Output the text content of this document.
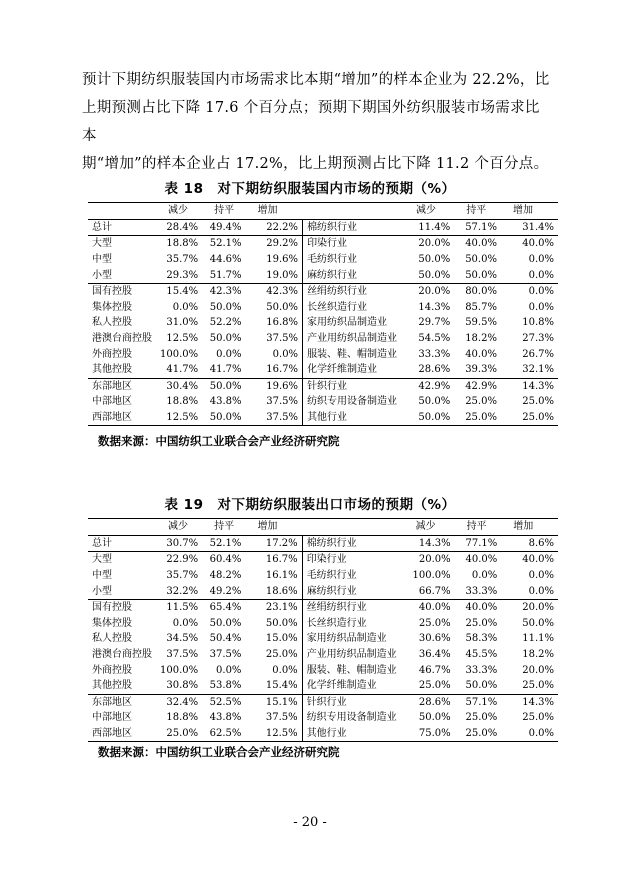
预计下期纺织服装国内市场需求比本期“增加”的样本企业为 22.2%，比

上期预测占比下降 17.6 个百分点；预期下期国外纺织服装市场需求比本

期“增加”的样本企业占 17.2%，比上期预测占比下降 11.2 个百分点。

表 18　对下期纺织服装国内市场的预期（%）
	减少	持平	增加		减少	持平	增加
总计	28.4%	49.4%	22.2%	棉纺织行业	11.4%	57.1%	31.4%
大型	18.8%	52.1%	29.2%	印染行业	20.0%	40.0%	40.0%
中型	35.7%	44.6%	19.6%	毛纺织行业	50.0%	50.0%	0.0%
小型	29.3%	51.7%	19.0%	麻纺织行业	50.0%	50.0%	0.0%
国有控股	15.4%	42.3%	42.3%	丝绢纺织行业	20.0%	80.0%	0.0%
集体控股	0.0%	50.0%	50.0%	长丝织造行业	14.3%	85.7%	0.0%
私人控股	31.0%	52.2%	16.8%	家用纺织品制造业	29.7%	59.5%	10.8%
港澳台商控股	12.5%	50.0%	37.5%	产业用纺织品制造业	54.5%	18.2%	27.3%
外商控股	100.0%	0.0%	0.0%	服装、鞋、帽制造业	33.3%	40.0%	26.7%
其他控股	41.7%	41.7%	16.7%	化学纤维制造业	28.6%	39.3%	32.1%
东部地区	30.4%	50.0%	19.6%	针织行业	42.9%	42.9%	14.3%
中部地区	18.8%	43.8%	37.5%	纺织专用设备制造业	50.0%	25.0%	25.0%
西部地区	12.5%	50.0%	37.5%	其他行业	50.0%	25.0%	25.0%
数据来源：中国纺织工业联合会产业经济研究院
表 19　对下期纺织服装出口市场的预期（%）
	减少	持平	增加		减少	持平	增加
总计	30.7%	52.1%	17.2%	棉纺织行业	14.3%	77.1%	8.6%
大型	22.9%	60.4%	16.7%	印染行业	20.0%	40.0%	40.0%
中型	35.7%	48.2%	16.1%	毛纺织行业	100.0%	0.0%	0.0%
小型	32.2%	49.2%	18.6%	麻纺织行业	66.7%	33.3%	0.0%
国有控股	11.5%	65.4%	23.1%	丝绢纺织行业	40.0%	40.0%	20.0%
集体控股	0.0%	50.0%	50.0%	长丝织造行业	25.0%	25.0%	50.0%
私人控股	34.5%	50.4%	15.0%	家用纺织品制造业	30.6%	58.3%	11.1%
港澳台商控股	37.5%	37.5%	25.0%	产业用纺织品制造业	36.4%	45.5%	18.2%
外商控股	100.0%	0.0%	0.0%	服装、鞋、帽制造业	46.7%	33.3%	20.0%
其他控股	30.8%	53.8%	15.4%	化学纤维制造业	25.0%	50.0%	25.0%
东部地区	32.4%	52.5%	15.1%	针织行业	28.6%	57.1%	14.3%
中部地区	18.8%	43.8%	37.5%	纺织专用设备制造业	50.0%	25.0%	25.0%
西部地区	25.0%	62.5%	12.5%	其他行业	75.0%	25.0%	0.0%
数据来源：中国纺织工业联合会产业经济研究院
- 20 -
